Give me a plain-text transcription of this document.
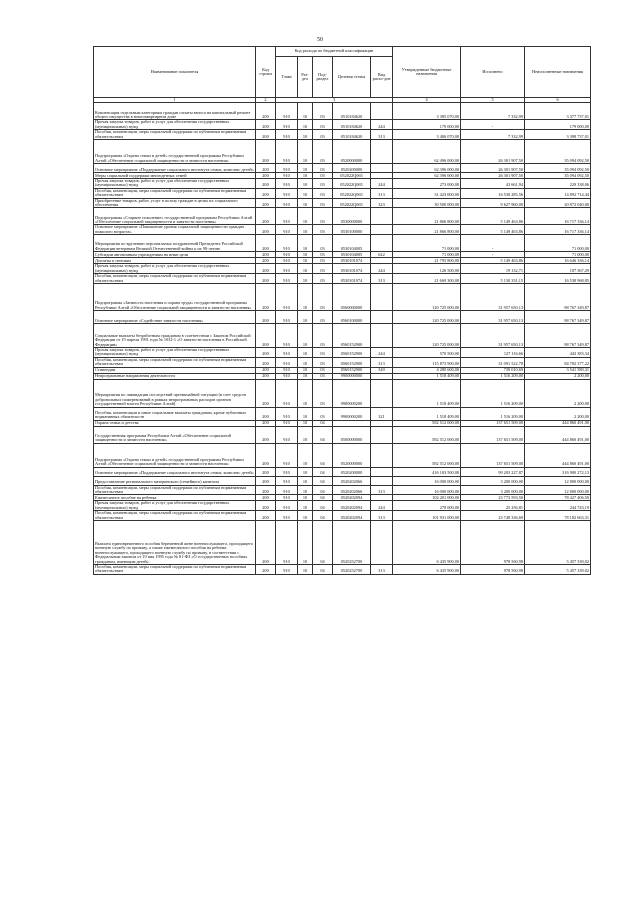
50
Наименование показателя	Код строки	Код расхода по бюджетной классификации					Утвержденные бюджетные назначения	Исполнено	Неисполненные назначения
		Глава	Раз-дел	Под-раздел	Целевая статья	Вид расхо-дов			
1	2	3					4	5	6
Компенсация отдельным категориям граждан оплаты взноса на капитальный ремонт общего имущества в многоквартирном доме	200	910	10	03	0510184620		3 385 070,00	7 332,99	3 377 737,01
Прочая закупка товаров, работ и услуг для обеспечения государственных (муниципальных) нужд	200	910	10	03	0510184620	244	179 000,00	-	179 000,00
Пособия, компенсации, меры социальной поддержки по публичным нормативным обязательствам	200	910	10	03	0510184620	313	3 406 070,00	7 332,99	3 398 737,01
Подпрограмма «Охрана семьи и детей» государственной программы Республики Алтай «Обеспечение социальной защищенности и занятости населения»	200	910	10	03	0520000000		62 496 000,00	26 301 907,50	35 094 092,50
Основное мероприятие «Поддержание социального института семьи, комплекс детей»	200	910	10	03	0520200000		62 396 000,00	26 301 907,50	35 094 092,50
Меры социальной поддержки многодетных семей	200	910	10	03	052022Q065		62 396 000,00	26 301 907,50	35 094 092,50
Прочая закупка товаров, работ и услуг для обеспечения государственных (муниципальных) нужд	200	910	10	03	052022Q065	244	273 000,00	43 661,94	229 338,06
Пособия, компенсации, меры социальной поддержки по публичным нормативным обязательствам	200	910	10	03	052022Q065	313	31 423 000,00	16 530 285,56	14 892 714,44
Приобретение товаров, работ, услуг в пользу граждан в целях их социального обеспечения	200	910	10	03	052022Q065	323	30 500 000,00	9 627 960,00	20 872 040,00
Подпрограмма «Старшее поколение» государственной программы Республики Алтай «Обеспечение социальной защищенности и занятости населения»	200	910	10	03	0530000000		21 866 800,00	5 149 463,86	16 717 336,14
Основное мероприятие «Повышение уровня социальной защищенности граждан пожилого возраста»	200	910	10	03	0530100000		21 866 800,00	5 149 463,86	16 717 336,14
Мероприятия по вручению персональных поздравлений Президента Российской Федерации ветеранам Великой Отечественной войны к их 90-летию	200	910	10	03	0530104005		71 000,00	-	71 000,00
Субсидии автономным учреждениям на иные цели	200	910	10	03	0530104005	622	71 000,00	-	71 000,00
Доплаты к пенсиям	200	910	10	03	0530101074		21 795 800,00	5 149 463,86	16 646 336,14
Прочая закупка товаров, работ и услуг для обеспечения государственных (муниципальных) нужд	200	910	10	03	0530101074	244	126 500,00	19 132,71	107 367,29
Пособия, компенсации, меры социальной поддержки по публичным нормативным обязательствам	200	910	10	03	0530101074	313	21 669 300,00	5 130 331,15	16 538 968,85
Подпрограмма «Занятость населения и охрана труда» государственной программы Республики Алтай «Обеспечение социальной защищенности и занятости населения»	200	910	10	03	0560000000		120 725 000,00	31 957 650,13	88 767 349,87
Основное мероприятие «Содействие занятости населения»	200	910	10	03	0560100000		120 725 000,00	31 957 650,13	88 767 349,87
Социальные выплаты безработным гражданам в соответствии с Законом Российской Федерации от 19 апреля 1991 года № 1032-1 «О занятости населения в Российской Федерации»	200	910	10	03	0560152900		120 725 000,00	31 957 650,13	88 767 349,87
Прочая закупка товаров, работ и услуг для обеспечения государственных (муниципальных) нужд	200	910	10	03	0560152900	244	570 500,00	127 116,66	443 383,34
Пособия, компенсации, меры социальной поддержки по публичным нормативным обязательствам	200	910	10	03	0560152900	313	115 873 900,00	31 091 522,78	84 782 377,22
Стипендии	200	910	10	03	0560152900	340	4 280 600,00	739 010,69	3 541 589,31
Непрограммные направления деятельности	200	910	10	03	9900000000		1 518 409,00	1 516 209,00	2 200,00
Мероприятия по ликвидации последствий чрезвычайной ситуации (в счет средств добровольных пожертвований в рамках непрограммных расходов органов государственной власти Республики Алтай)	200	910	10	03	9900000200		1 518 409,00	1 516 209,00	2 200,00
Пособия, компенсации и иные социальные выплаты гражданам, кроме публичных нормативных обязательств	200	910	10	03	9900000200	321	1 518 409,00	1 516 209,00	2 200,00
Охрана семьи и детства	200	910	10	04			582 512 000,00	137 651 509,00	444 860 491,00
Государственная программа Республики Алтай «Обеспечение социальной защищенности и занятости населения»	200	910	10	04	0500000000		582 512 000,00	137 651 509,00	444 860 491,00
Подпрограмма «Охрана семьи и детей» государственной программы Республики Алтай «Обеспечение социальной защищенности и занятости населения»	200	910	10	04	0520000000		582 512 000,00	137 651 509,00	444 860 491,00
Основное мероприятие «Поддержание социального института семьи, комплекс детей»	200	910	10	04	0520200000		416 103 500,00	99 203 227,87	316 900 272,13
Предоставление регионального материнского (семейного) капитала	200	910	10	04	0520202066		16 000 000,00	3 200 000,00	12 800 000,00
Пособия, компенсации, меры социальной поддержки по публичным нормативным обязательствам	200	910	10	04	0520202066	313	16 000 000,00	3 200 000,00	12 800 000,00
Ежемесячное пособие на ребенка	200	910	10	04	0520202094		102 201 000,00	23 773 593,50	78 427 406,50
Прочая закупка товаров, работ и услуг для обеспечения государственных (муниципальных) нужд	200	910	10	04	0520202094	244	270 000,00	25 256,81	244 743,19
Пособия, компенсации, меры социальной поддержки по публичным нормативным обязательствам	200	910	10	04	0520202094	313	101 931 000,00	23 748 336,69	78 182 663,31
Выплата единовременного пособия беременной жене военнослужащего, проходящего военную службу по призыву, а также ежемесячного пособия на ребенка военнослужащего, проходящего военную службу по призыву, в соответствии с Федеральным законом от 19 мая 1995 года № 81-ФЗ «О государственных пособиях гражданам, имеющим детей»	200	910	10	04	0520252700		6 435 900,00	978 560,98	5 457 339,02
Пособия, компенсации, меры социальной поддержки по публичным нормативным обязательствам	200	910	10	04	0520252700	313	6 435 900,00	978 560,98	5 457 339,02
